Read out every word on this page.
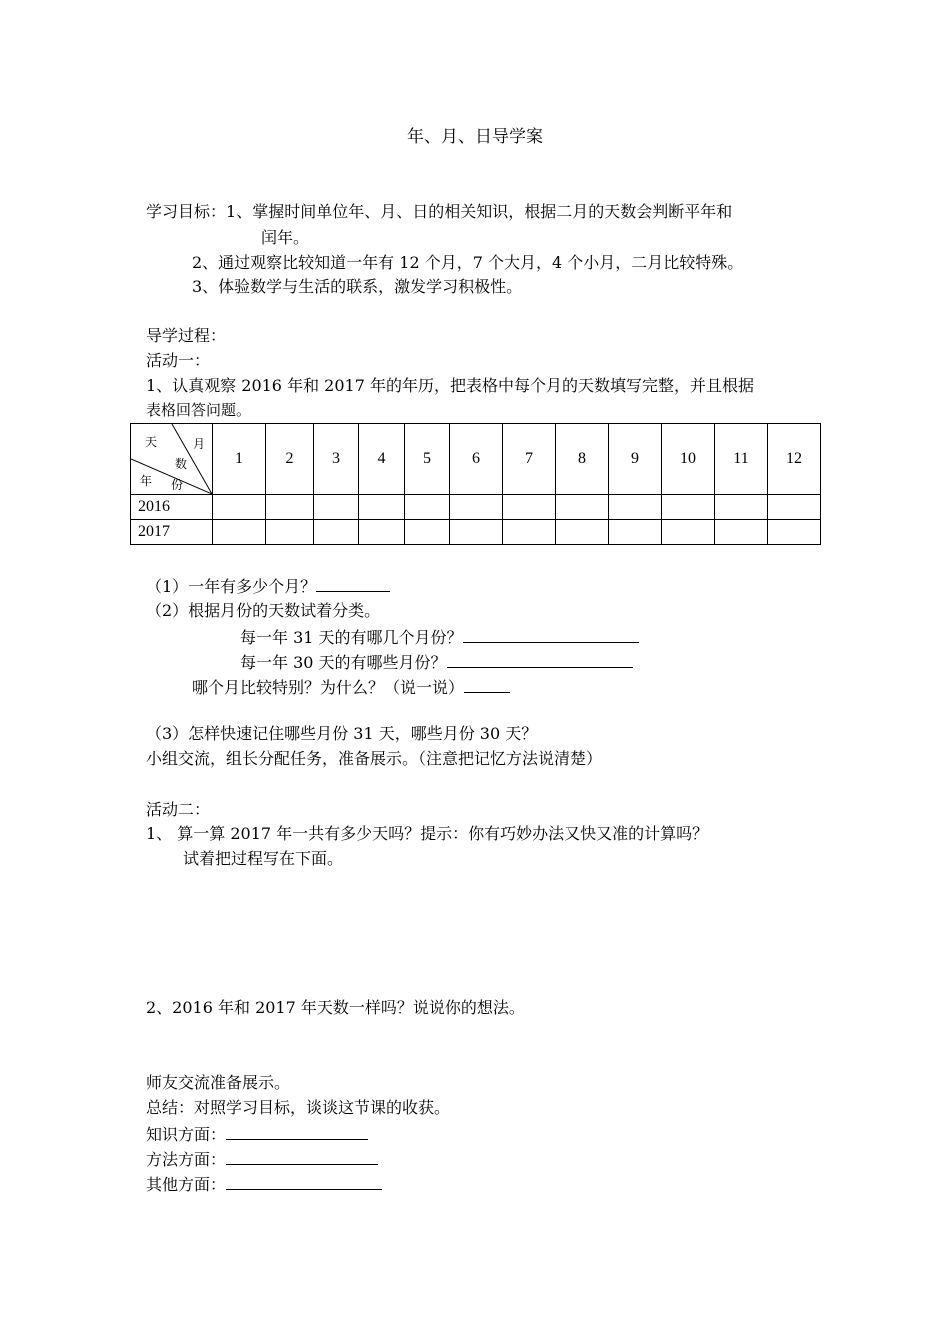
年、月、日导学案
学习目标：1、掌握时间单位年、月、日的相关知识，根据二月的天数会判断平年和
闰年。
2、通过观察比较知道一年有 12 个月，7 个大月，4 个小月，二月比较特殊。
3、体验数学与生活的联系，激发学习积极性。
导学过程：
活动一：
1、认真观察 2016 年和 2017 年的年历，把表格中每个月的天数填写完整，并且根据
表格回答问题。
天 月
数
年 份	1	2	3	4	5	6	7	8	9	10	11	12
2016												
2017												
（1）一年有多少个月？
（2）根据月份的天数试着分类。
每一年 31 天的有哪几个月份？
每一年 30 天的有哪些月份？
哪个月比较特别？为什么？（说一说）
（3）怎样快速记住哪些月份 31 天，哪些月份 30 天？
小组交流，组长分配任务，准备展示。（注意把记忆方法说清楚）
活动二：
1、 算一算 2017 年一共有多少天吗？提示：你有巧妙办法又快又准的计算吗？
试着把过程写在下面。
2、2016 年和 2017 年天数一样吗？说说你的想法。
师友交流准备展示。
总结：对照学习目标，谈谈这节课的收获。
知识方面：
方法方面：
其他方面：
